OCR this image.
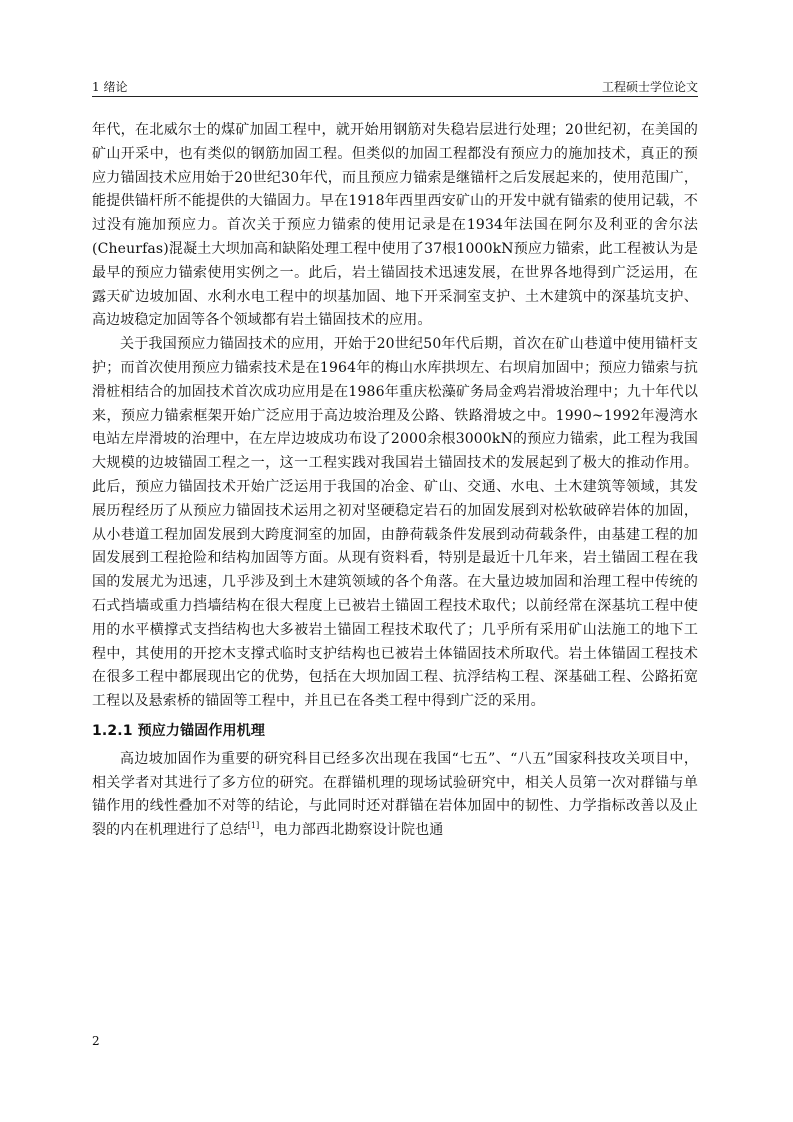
1 绪论	工程硕士学位论文

年代，在北威尔士的煤矿加固工程中，就开始用钢筋对失稳岩层进行处理；20世纪初，在美国的矿山开采中，也有类似的钢筋加固工程。但类似的加固工程都没有预应力的施加技术，真正的预应力锚固技术应用始于20世纪30年代，而且预应力锚索是继锚杆之后发展起来的，使用范围广，能提供锚杆所不能提供的大锚固力。早在1918年西里西安矿山的开发中就有锚索的使用记载，不过没有施加预应力。首次关于预应力锚索的使用记录是在1934年法国在阿尔及利亚的舍尔法(Cheurfas)混凝土大坝加高和缺陷处理工程中使用了37根1000kN预应力锚索，此工程被认为是最早的预应力锚索使用实例之一。此后，岩土锚固技术迅速发展，在世界各地得到广泛运用，在露天矿边坡加固、水利水电工程中的坝基加固、地下开采洞室支护、土木建筑中的深基坑支护、高边坡稳定加固等各个领域都有岩土锚固技术的应用。

关于我国预应力锚固技术的应用，开始于20世纪50年代后期，首次在矿山巷道中使用锚杆支护；而首次使用预应力锚索技术是在1964年的梅山水库拱坝左、右坝肩加固中；预应力锚索与抗滑桩相结合的加固技术首次成功应用是在1986年重庆松藻矿务局金鸡岩滑坡治理中；九十年代以来，预应力锚索框架开始广泛应用于高边坡治理及公路、铁路滑坡之中。1990~1992年漫湾水电站左岸滑坡的治理中，在左岸边坡成功布设了2000余根3000kN的预应力锚索，此工程为我国大规模的边坡锚固工程之一，这一工程实践对我国岩土锚固技术的发展起到了极大的推动作用。此后，预应力锚固技术开始广泛运用于我国的冶金、矿山、交通、水电、土木建筑等领域，其发展历程经历了从预应力锚固技术运用之初对坚硬稳定岩石的加固发展到对松软破碎岩体的加固，从小巷道工程加固发展到大跨度洞室的加固，由静荷载条件发展到动荷载条件，由基建工程的加固发展到工程抢险和结构加固等方面。从现有资料看，特别是最近十几年来，岩土锚固工程在我国的发展尤为迅速，几乎涉及到土木建筑领域的各个角落。在大量边坡加固和治理工程中传统的石式挡墙或重力挡墙结构在很大程度上已被岩土锚固工程技术取代；以前经常在深基坑工程中使用的水平横撑式支挡结构也大多被岩土锚固工程技术取代了；几乎所有采用矿山法施工的地下工程中，其使用的开挖木支撑式临时支护结构也已被岩土体锚固技术所取代。岩土体锚固工程技术在很多工程中都展现出它的优势，包括在大坝加固工程、抗浮结构工程、深基础工程、公路拓宽工程以及悬索桥的锚固等工程中，并且已在各类工程中得到广泛的采用。

1.2.1 预应力锚固作用机理

高边坡加固作为重要的研究科目已经多次出现在我国“七五”、“八五”国家科技攻关项目中，相关学者对其进行了多方位的研究。在群锚机理的现场试验研究中，相关人员第一次对群锚与单锚作用的线性叠加不对等的结论，与此同时还对群锚在岩体加固中的韧性、力学指标改善以及止裂的内在机理进行了总结[1]，电力部西北勘察设计院也通

2
